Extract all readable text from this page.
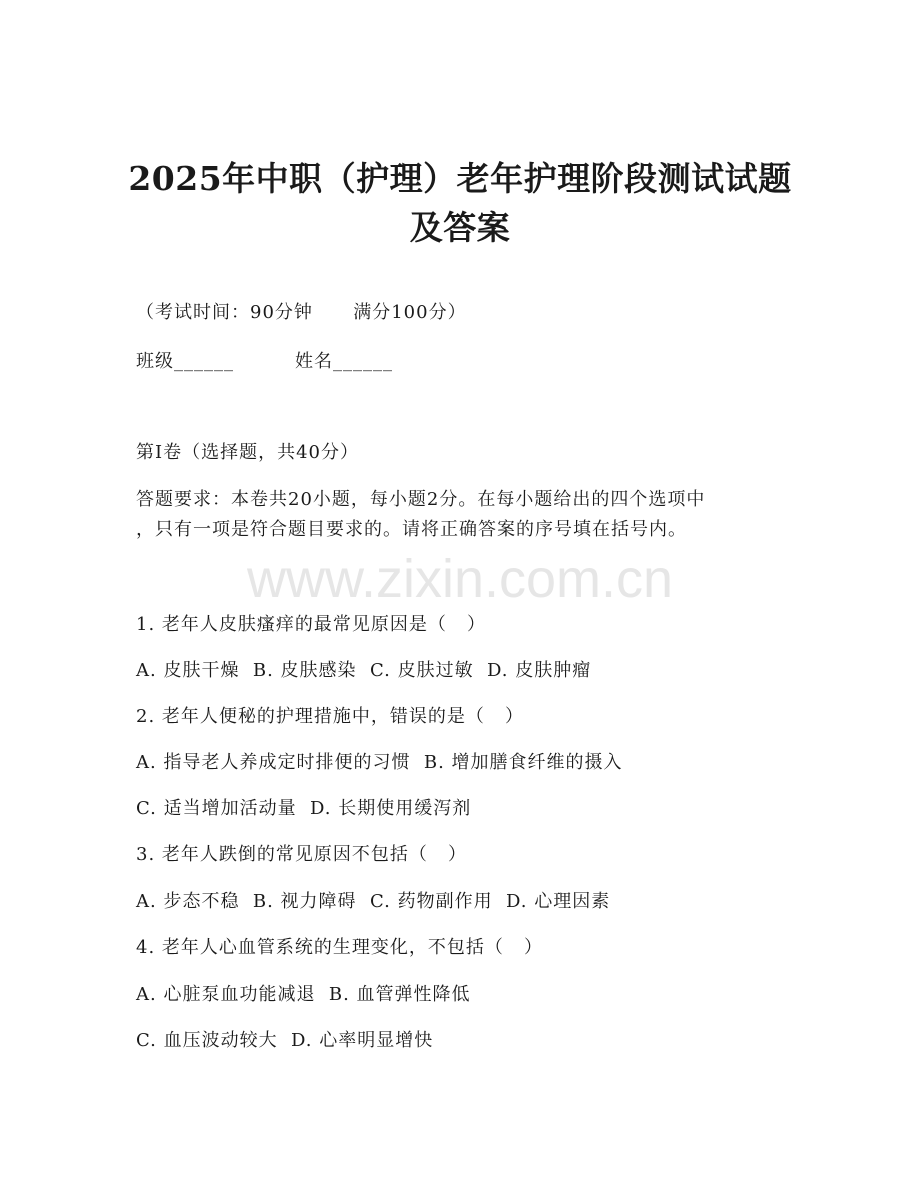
2025年中职（护理）老年护理阶段测试试题
及答案
（考试时间：90分钟      满分100分）
班级______	姓名______
第I卷（选择题，共40分）
答题要求：本卷共20小题，每小题2分。在每小题给出的四个选项中
，只有一项是符合题目要求的。请将正确答案的序号填在括号内。
www.zixin.com.cn
1. 老年人皮肤瘙痒的最常见原因是（   ）
A. 皮肤干燥  B. 皮肤感染  C. 皮肤过敏  D. 皮肤肿瘤
2. 老年人便秘的护理措施中，错误的是（   ）
A. 指导老人养成定时排便的习惯  B. 增加膳食纤维的摄入
C. 适当增加活动量  D. 长期使用缓泻剂
3. 老年人跌倒的常见原因不包括（   ）
A. 步态不稳  B. 视力障碍  C. 药物副作用  D. 心理因素
4. 老年人心血管系统的生理变化，不包括（   ）
A. 心脏泵血功能减退  B. 血管弹性降低
C. 血压波动较大  D. 心率明显增快
